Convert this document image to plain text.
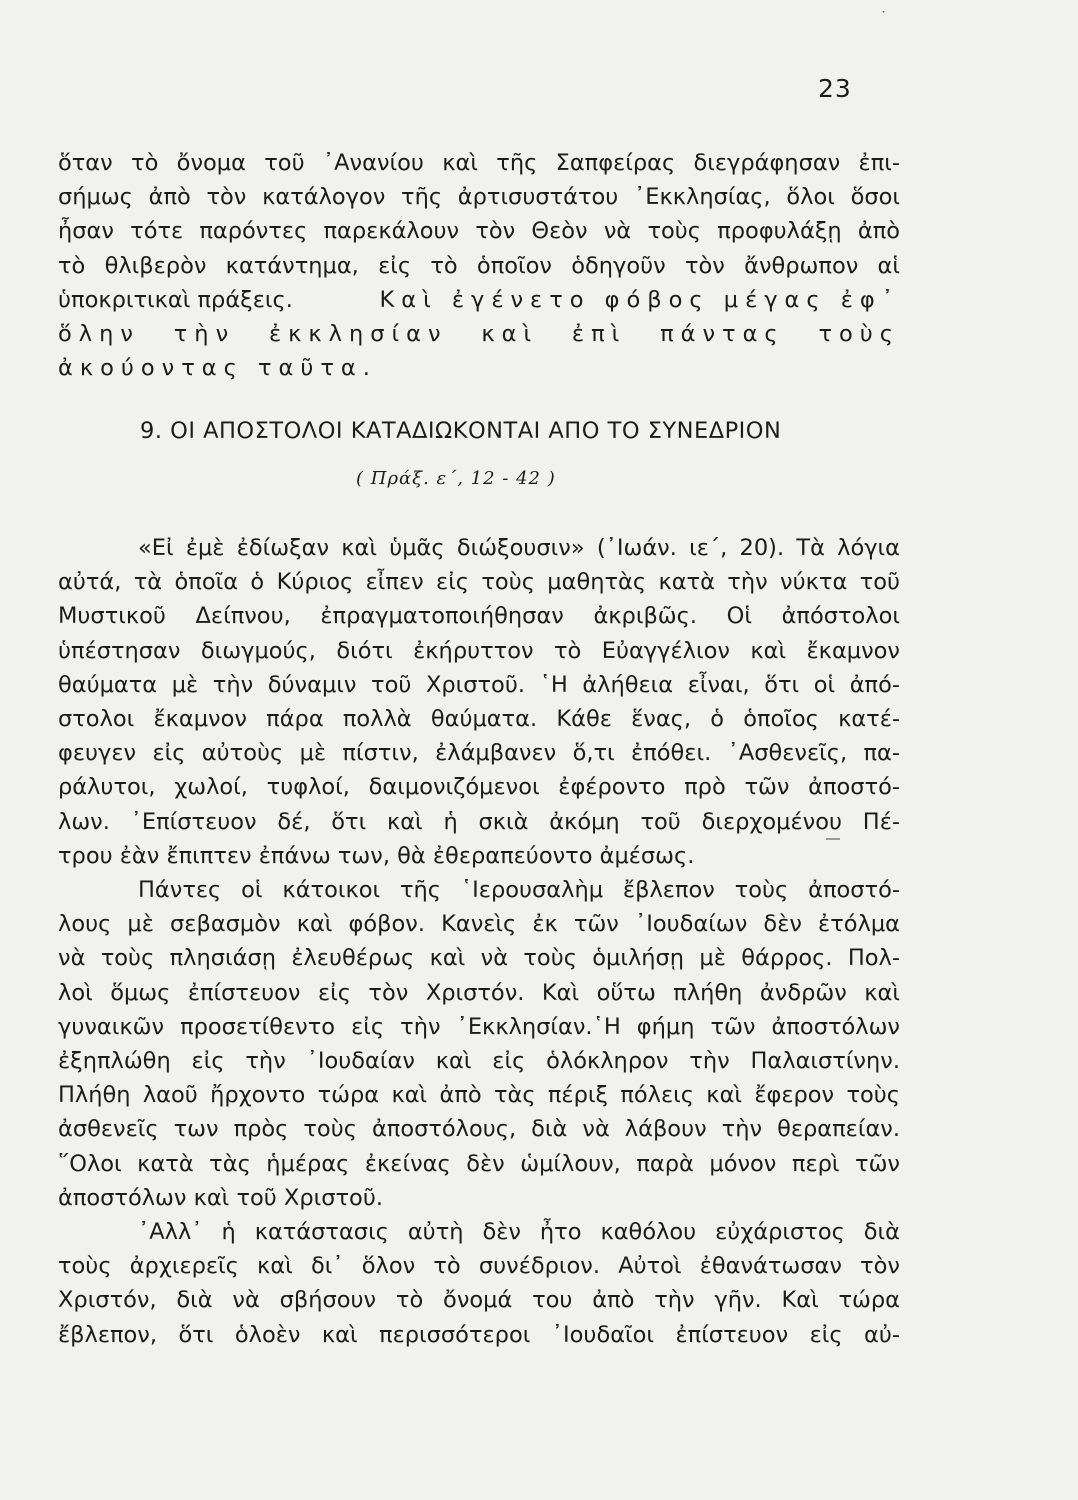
˙
23
ὅταν τὸ ὄνομα τοῦ ᾿Ανανίου καὶ τῆς Σαπφείρας διεγράφησαν ἐπι-
σήμως ἀπὸ τὸν κατάλογον τῆς ἀρτισυστάτου ᾿Εκκλησίας, ὅλοι ὅσοι
ἦσαν τότε παρόντες παρεκάλουν τὸν Θεὸν νὰ τοὺς προφυλάξῃ ἀπὸ
τὸ θλιβερὸν κατάντημα, εἰς τὸ ὁποῖον ὁδηγοῦν τὸν ἄνθρωπον αἱ
ὑποκριτικαὶ πράξεις.	Καὶ ἐγένετο φόβος μέγας ἐφ᾿
ὅλην τὴν ἐκκλησίαν καὶ ἐπὶ πάντας τοὺς
ἀκούοντας ταῦτα.
9. ΟΙ ΑΠΟΣΤΟΛΟΙ ΚΑΤΑΔΙΩΚΟΝΤΑΙ ΑΠΟ ΤΟ ΣΥΝΕΔΡΙΟΝ
( Πράξ. ε΄, 12 - 42 )
«Εἰ ἐμὲ ἐδίωξαν καὶ ὑμᾶς διώξουσιν» (᾿Ιωάν. ιε΄, 20). Τὰ λόγια
αὐτά, τὰ ὁποῖα ὁ Κύριος εἶπεν εἰς τοὺς μαθητὰς κατὰ τὴν νύκτα τοῦ
Μυστικοῦ Δείπνου, ἐπραγματοποιήθησαν ἀκριβῶς. Οἱ ἀπόστολοι
ὑπέστησαν διωγμούς, διότι ἐκήρυττον τὸ Εὐαγγέλιον καὶ ἔκαμνον
θαύματα μὲ τὴν δύναμιν τοῦ Χριστοῦ. ῾Η ἀλήθεια εἶναι, ὅτι οἱ ἀπό-
στολοι ἔκαμνον πάρα πολλὰ θαύματα. Κάθε ἕνας, ὁ ὁποῖος κατέ-
φευγεν εἰς αὐτοὺς μὲ πίστιν, ἐλάμβανεν ὅ,τι ἐπόθει. ᾿Ασθενεῖς, πα-
ράλυτοι, χωλοί, τυφλοί, δαιμονιζόμενοι ἐφέροντο πρὸ τῶν ἀποστό-
λων. ᾿Επίστευον δέ, ὅτι καὶ ἡ σκιὰ ἀκόμη τοῦ διερχομένου Πέ-
τρου ἐὰν ἔπιπτεν ἐπάνω των, θὰ ἐθεραπεύοντο ἀμέσως.
Πάντες οἱ κάτοικοι τῆς ῾Ιερουσαλὴμ ἔβλεπον τοὺς ἀποστό-
λους μὲ σεβασμὸν καὶ φόβον. Κανεὶς ἐκ τῶν ᾿Ιουδαίων δὲν ἐτόλμα
νὰ τοὺς πλησιάσῃ ἐλευθέρως καὶ νὰ τοὺς ὁμιλήσῃ μὲ θάρρος. Πολ-
λοὶ ὅμως ἐπίστευον εἰς τὸν Χριστόν. Καὶ οὕτω πλήθη ἀνδρῶν καὶ
γυναικῶν προσετίθεντο εἰς τὴν ᾿Εκκλησίαν.῾Η φήμη τῶν ἀποστόλων
ἐξηπλώθη εἰς τὴν ᾿Ιουδαίαν καὶ εἰς ὁλόκληρον τὴν Παλαιστίνην.
Πλήθη λαοῦ ἤρχοντο τώρα καὶ ἀπὸ τὰς πέριξ πόλεις καὶ ἔφερον τοὺς
ἀσθενεῖς των πρὸς τοὺς ἀποστόλους, διὰ νὰ λάβουν τὴν θεραπείαν.
῞Ολοι κατὰ τὰς ἡμέρας ἐκείνας δὲν ὡμίλουν, παρὰ μόνον περὶ τῶν
ἀποστόλων καὶ τοῦ Χριστοῦ.
᾿Αλλ᾿ ἡ κατάστασις αὐτὴ δὲν ἦτο καθόλου εὐχάριστος διὰ
τοὺς ἀρχιερεῖς καὶ δι᾿ ὅλον τὸ συνέδριον. Αὐτοὶ ἐθανάτωσαν τὸν
Χριστόν, διὰ νὰ σβήσουν τὸ ὄνομά του ἀπὸ τὴν γῆν. Καὶ τώρα
ἔβλεπον, ὅτι ὁλοὲν καὶ περισσότεροι ᾿Ιουδαῖοι ἐπίστευον εἰς αὐ-
